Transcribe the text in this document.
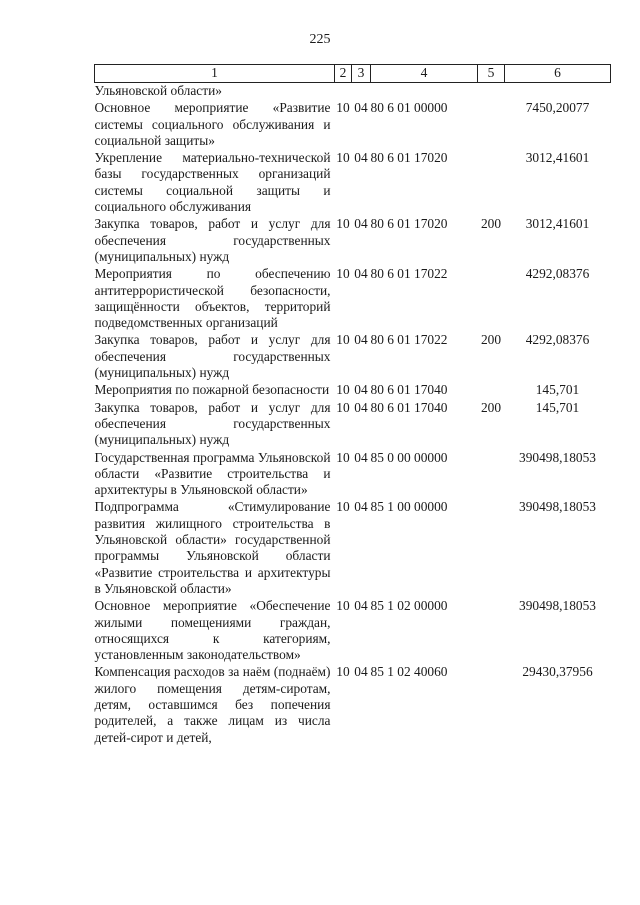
225
1	2	3	4	5	6
Ульяновской области»					
Основное мероприятие «Развитие системы социального обслуживания и социальной защиты»	10	04	80 6 01 00000		7450,20077
Укрепление материально-технической базы государственных организаций системы социальной защиты и социального обслуживания	10	04	80 6 01 17020		3012,41601
Закупка товаров, работ и услуг для обеспечения государственных (муниципальных) нужд	10	04	80 6 01 17020	200	3012,41601
Мероприятия по обеспечению антитеррористической безопасности, защищённости объектов, территорий подведомственных организаций	10	04	80 6 01 17022		4292,08376
Закупка товаров, работ и услуг для обеспечения государственных (муниципальных) нужд	10	04	80 6 01 17022	200	4292,08376
Мероприятия по пожарной безопасности	10	04	80 6 01 17040		145,701
Закупка товаров, работ и услуг для обеспечения государственных (муниципальных) нужд	10	04	80 6 01 17040	200	145,701
Государственная программа Ульяновской области «Развитие строительства и архитектуры в Ульяновской области»	10	04	85 0 00 00000		390498,18053
Подпрограмма «Стимулирование развития жилищного строительства в Ульяновской области» государственной программы Ульяновской области «Развитие строительства и архитектуры в Ульяновской области»	10	04	85 1 00 00000		390498,18053
Основное мероприятие «Обеспечение жилыми помещениями граждан, относящихся к категориям, установленным законодательством»	10	04	85 1 02 00000		390498,18053
Компенсация расходов за наём (поднаём) жилого помещения детям-сиротам, детям, оставшимся без попечения родителей, а также лицам из числа детей-сирот и детей,	10	04	85 1 02 40060		29430,37956
